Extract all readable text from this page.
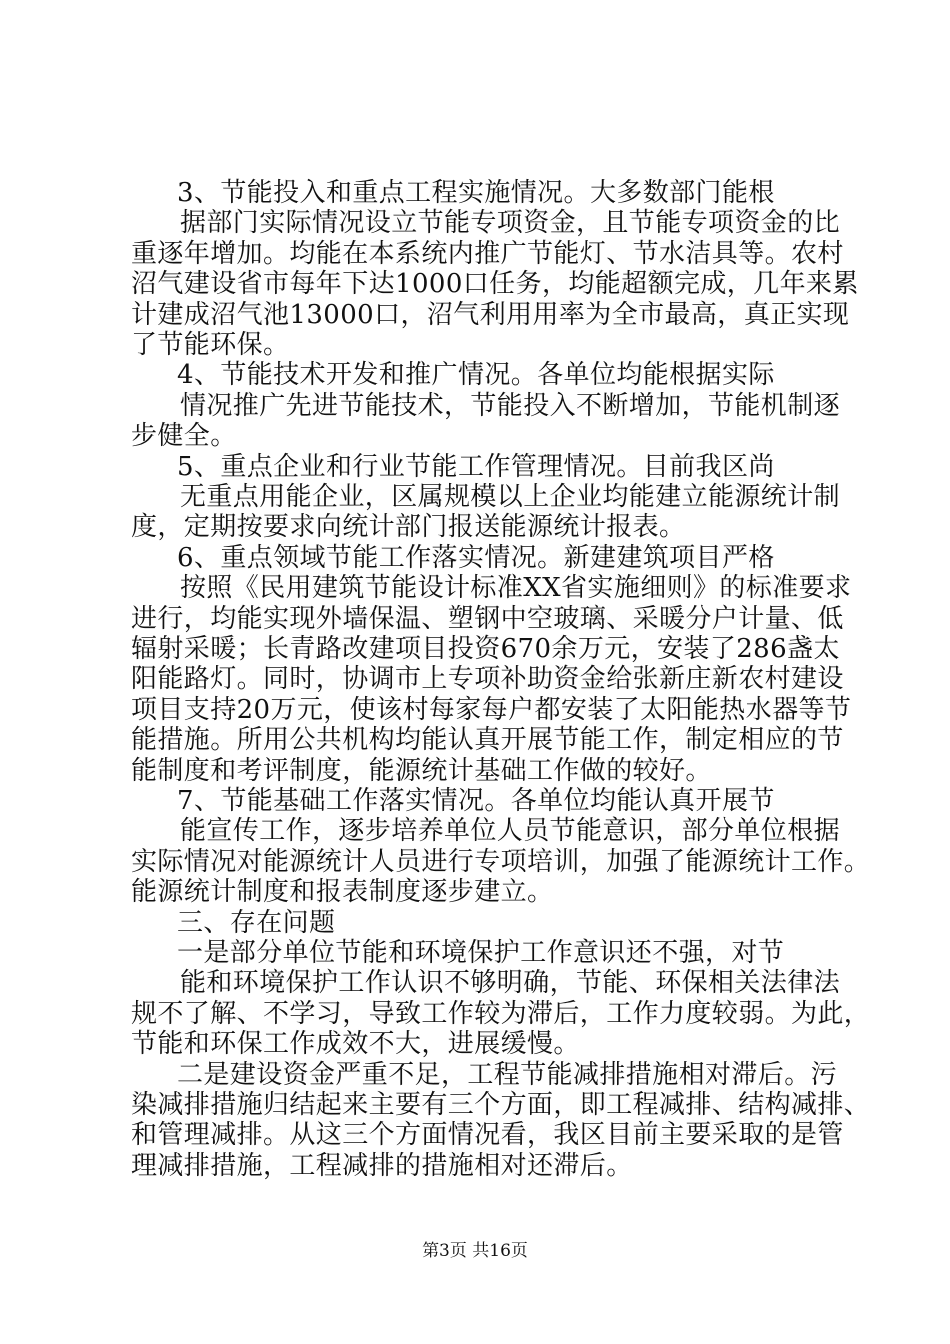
3、节能投入和重点工程实施情况。大多数部门能根
据部门实际情况设立节能专项资金，且节能专项资金的比
重逐年增加。均能在本系统内推广节能灯、节水洁具等。农村
沼气建设省市每年下达1000口任务，均能超额完成，几年来累
计建成沼气池13000口，沼气利用用率为全市最高，真正实现
了节能环保。
4、节能技术开发和推广情况。各单位均能根据实际
情况推广先进节能技术，节能投入不断增加，节能机制逐
步健全。
5、重点企业和行业节能工作管理情况。目前我区尚
无重点用能企业，区属规模以上企业均能建立能源统计制
度，定期按要求向统计部门报送能源统计报表。
6、重点领域节能工作落实情况。新建建筑项目严格
按照《民用建筑节能设计标准XX省实施细则》的标准要求
进行，均能实现外墙保温、塑钢中空玻璃、采暖分户计量、低
辐射采暖；长青路改建项目投资670余万元，安装了286盏太
阳能路灯。同时，协调市上专项补助资金给张新庄新农村建设
项目支持20万元，使该村每家每户都安装了太阳能热水器等节
能措施。所用公共机构均能认真开展节能工作，制定相应的节
能制度和考评制度，能源统计基础工作做的较好。
7、节能基础工作落实情况。各单位均能认真开展节
能宣传工作，逐步培养单位人员节能意识，部分单位根据
实际情况对能源统计人员进行专项培训，加强了能源统计工作。
能源统计制度和报表制度逐步建立。
三、存在问题
一是部分单位节能和环境保护工作意识还不强，对节
能和环境保护工作认识不够明确，节能、环保相关法律法
规不了解、不学习，导致工作较为滞后，工作力度较弱。为此，
节能和环保工作成效不大，进展缓慢。
二是建设资金严重不足，工程节能减排措施相对滞后。污
染减排措施归结起来主要有三个方面，即工程减排、结构减排、
和管理减排。从这三个方面情况看，我区目前主要采取的是管
理减排措施，工程减排的措施相对还滞后。
第3页 共16页
